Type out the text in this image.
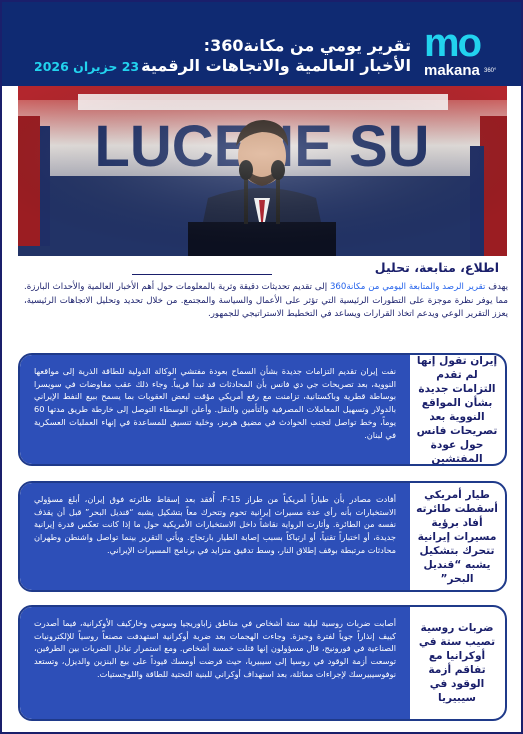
mo
makana 360°
تقرير يومي من مكانة360:
الأخبار العالمية والاتجاهات الرقمية
23 حزيران 2026
اطلاع، متابعة، تحليل
يهدف تقرير الرصد والمتابعة اليومي من مكانة360 إلى تقديم تحديثات دقيقة وثرية بالمعلومات حول أهم الأخبار العالمية والأحداث البارزة. مما يوفر نظرة موجزة على التطورات الرئيسية التي تؤثر على الأعمال والسياسة والمجتمع. من خلال تحديد وتحليل الاتجاهات الرئيسية، يعزز التقرير الوعي ويدعم اتخاذ القرارات ويساعد في التخطيط الاستراتيجي للجمهور.
إيران تقول إنها لم تقدم التزامات جديدة بشأن المواقع النووية بعد تصريحات فانس حول عودة المفتشين
نفت إيران تقديم التزامات جديدة بشأن السماح بعودة مفتشي الوكالة الدولية للطاقة الذرية إلى مواقعها النووية، بعد تصريحات جي دي فانس بأن المحادثات قد تبدأ قريباً. وجاء ذلك عقب مفاوضات في سويسرا بوساطة قطرية وباكستانية، تزامنت مع رفع أمريكي مؤقت لبعض العقوبات بما يسمح ببيع النفط الإيراني بالدولار وتسهيل المعاملات المصرفية والتأمين والنقل. وأعلن الوسطاء التوصل إلى خارطة طريق مدتها 60 يوماً، وخط تواصل لتجنب الحوادث في مضيق هرمز، وخلية تنسيق للمساعدة في إنهاء العمليات العسكرية في لبنان.
طيار أمريكي أسقطت طائرته أفاد برؤية مسيرات إيرانية تتحرك بتشكيل يشبه “قنديل البحر”
أفادت مصادر بأن طياراً أمريكياً من طراز F-15، أُفقد بعد إسقاط طائرته فوق إيران، أبلغ مسؤولي الاستخبارات بأنه رأى عدة مسيرات إيرانية تحوم وتتحرك معاً بتشكيل يشبه “قنديل البحر” قبل أن يقذف نفسه من الطائرة. وأثارت الرواية نقاشاً داخل الاستخبارات الأمريكية حول ما إذا كانت تعكس قدرة إيرانية جديدة، أو اختباراً تقنياً، أو ارتباكاً بسبب إصابة الطيار بارتجاج. ويأتي التقرير بينما تواصل واشنطن وطهران محادثات مرتبطة بوقف إطلاق النار، وسط تدقيق متزايد في برنامج المسيرات الإيراني.
ضربات روسية تصيب ستة في أوكرانيا مع تفاقم أزمة الوقود في سيبيريا
أصابت ضربات روسية ليلية ستة أشخاص في مناطق زاباوريجيا وسومي وخاركيف الأوكرانية، فيما أصدرت كييف إنذاراً جوياً لفترة وجيزة. وجاءت الهجمات بعد ضربة أوكرانية استهدفت مصنعاً روسياً للإلكترونيات الصناعية في فورونيج، قال مسؤولون إنها قتلت خمسة أشخاص. ومع استمرار تبادل الضربات بين الطرفين، توسعت أزمة الوقود في روسيا إلى سيبيريا، حيث فرضت أومسك قيوداً على بيع البنزين والديزل، وتستعد نوفوسيبيرسك لإجراءات مماثلة، بعد استهداف أوكراني للبنية التحتية للطاقة واللوجستيات.
